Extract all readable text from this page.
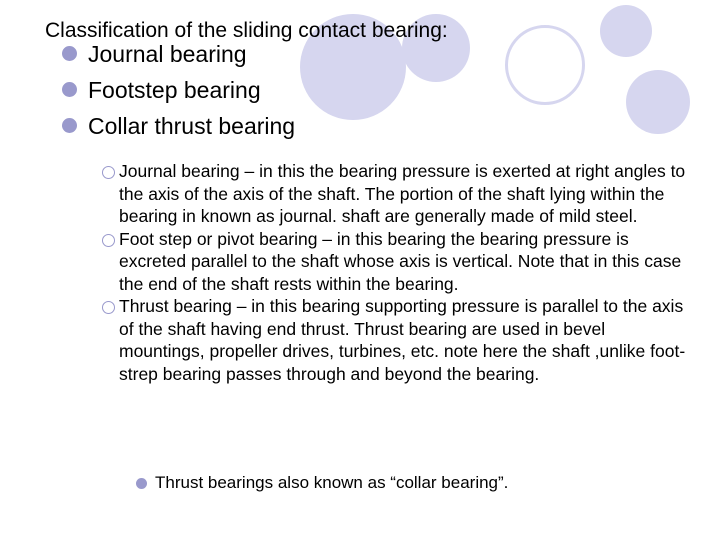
Classification of the sliding contact bearing:
Journal bearing
Footstep bearing
Collar thrust bearing
Journal bearing – in this the bearing pressure is exerted at right angles to the axis of the axis of the shaft. The portion of the shaft lying within the bearing in known as journal. shaft are generally made of mild steel.
Foot step or pivot bearing – in this bearing the bearing pressure is excreted parallel to the shaft whose axis is vertical. Note that in this case the end of the shaft rests within the bearing.
Thrust bearing – in this bearing supporting pressure is parallel to the axis of the shaft having end thrust. Thrust bearing are used in bevel mountings, propeller drives, turbines, etc. note here the shaft ,unlike foot-strep bearing passes through and beyond the bearing.
Thrust bearings also known as “collar bearing”.
